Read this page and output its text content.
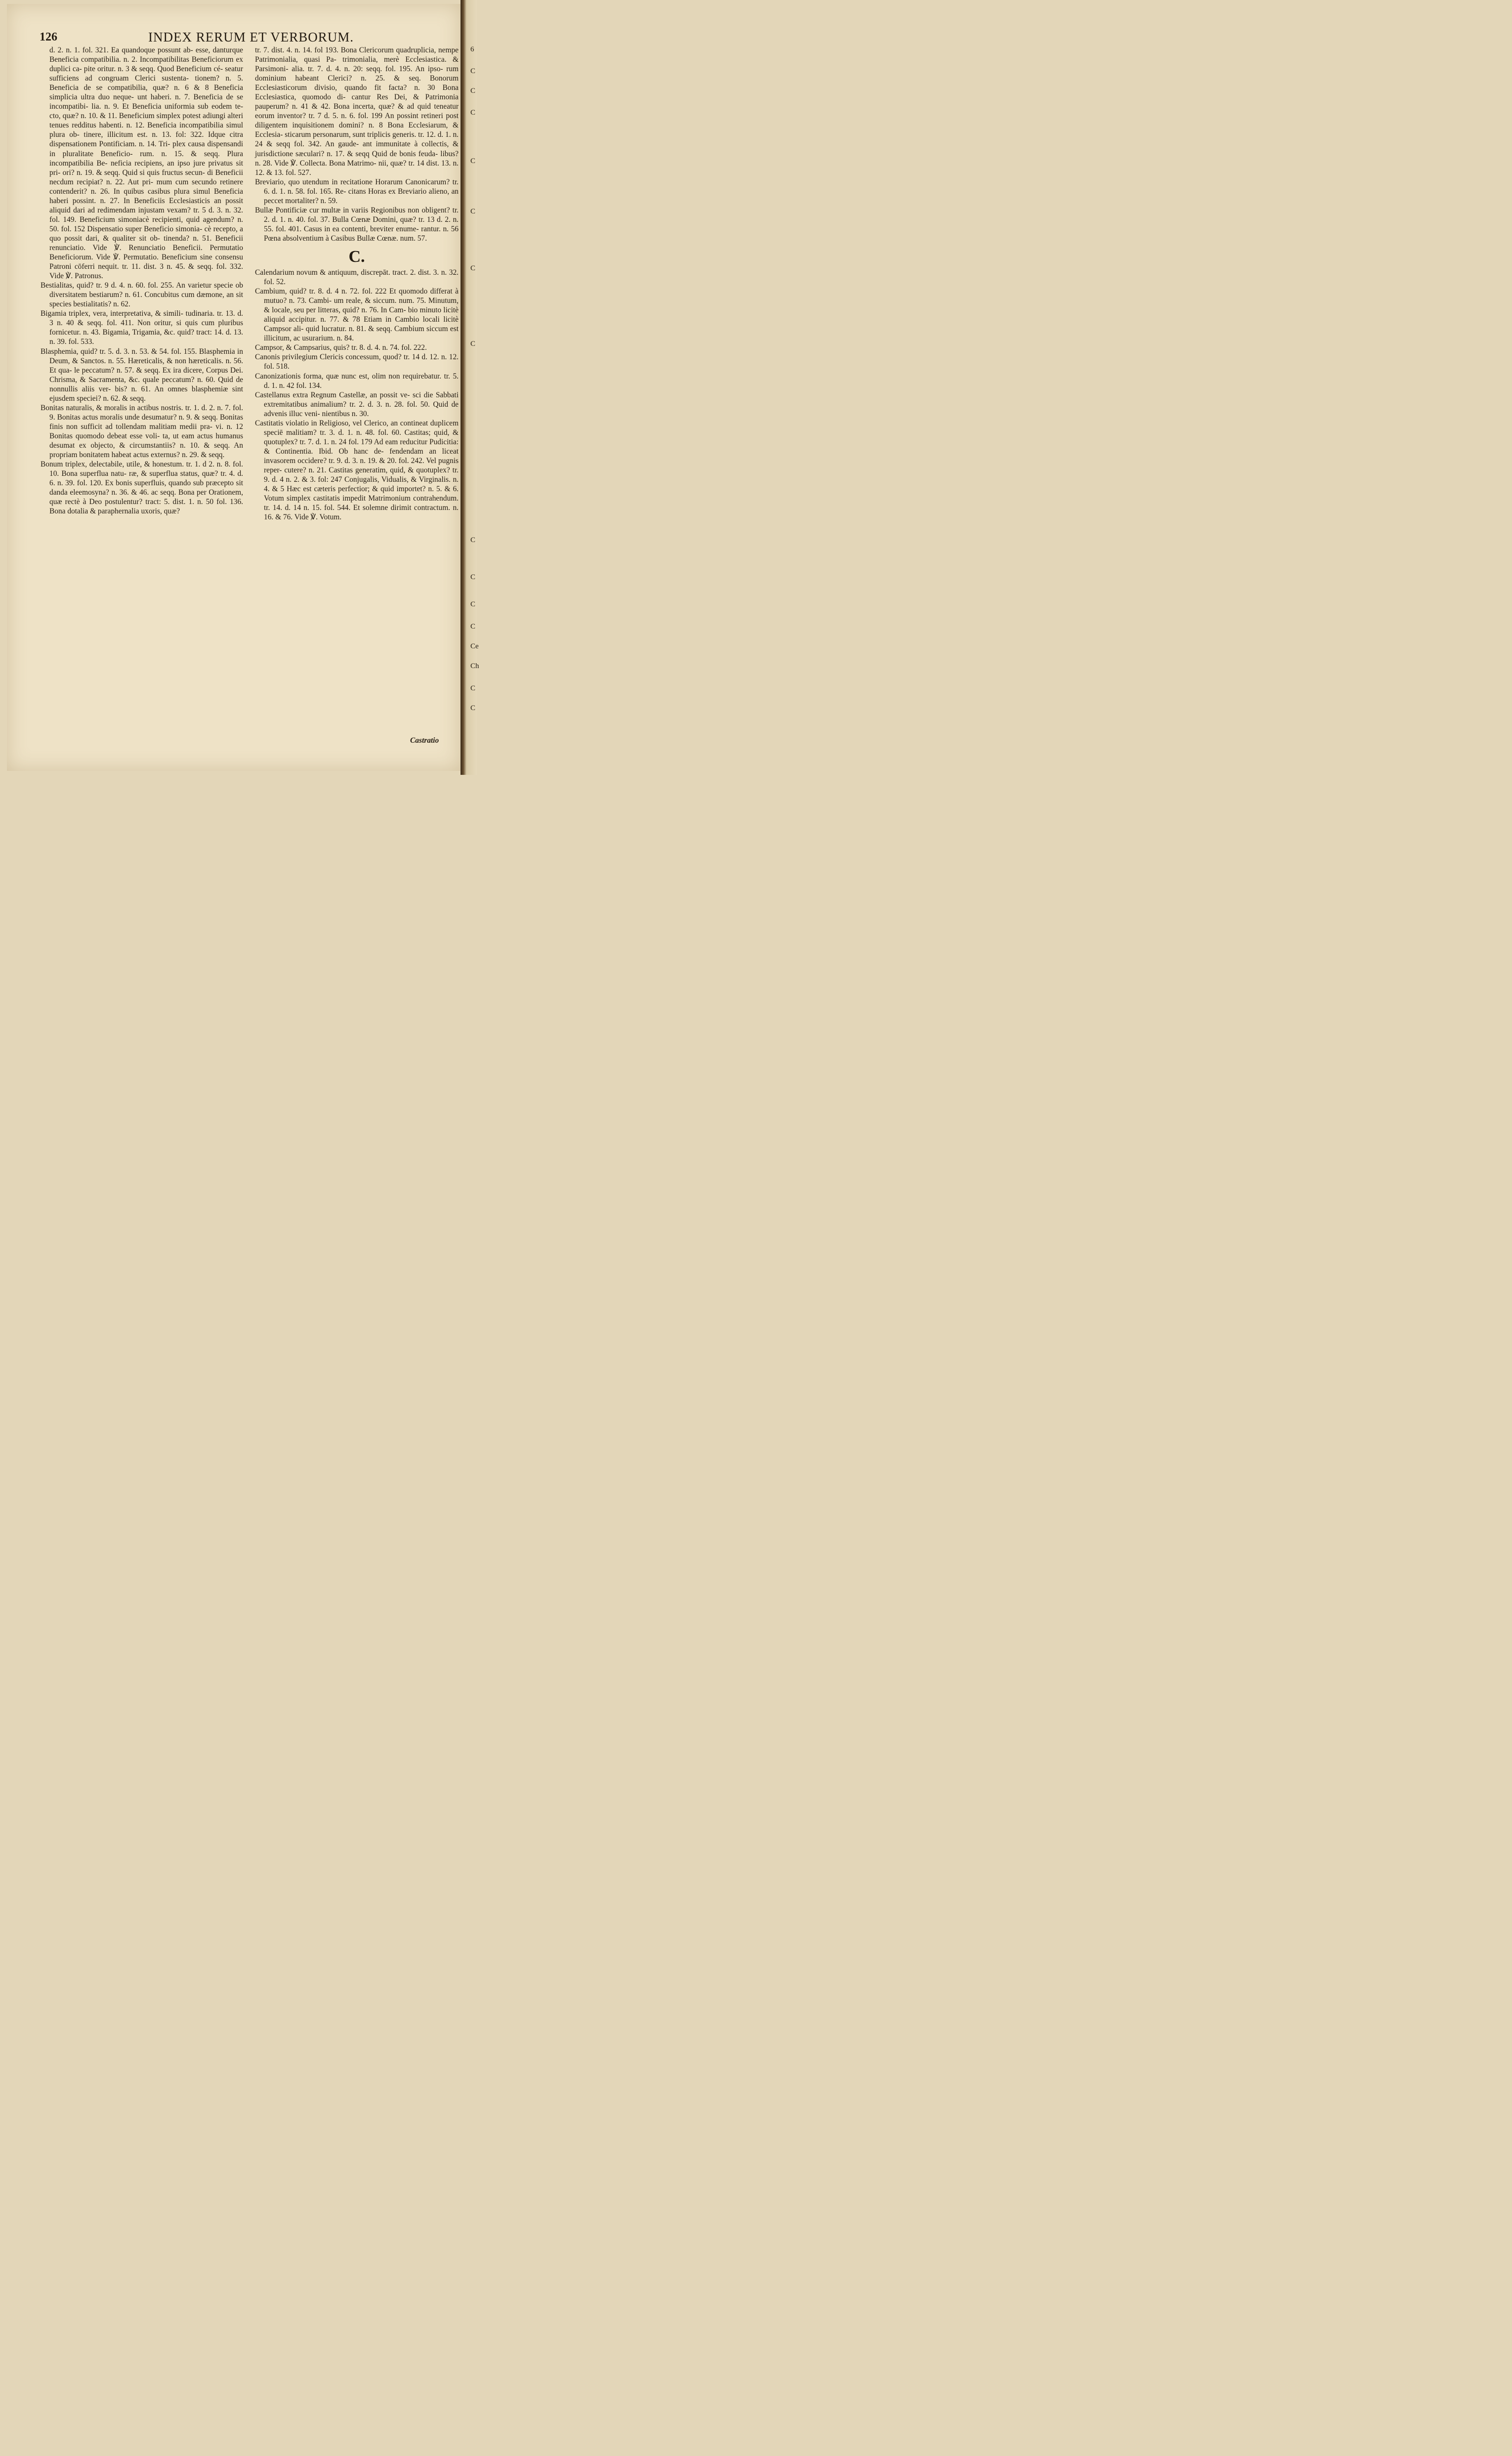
6
C
C
C
C
C
C
C
C
C
C
C
Ce
Ch
C
C
126	INDEX RERUM ET VERBORUM.

d. 2. n. 1. fol. 321. Ea quandoque possunt ab- esse, danturque Beneficia compatibilia. n. 2. Incompatibilitas Beneficiorum ex duplici ca- pite oritur. n. 3 & seqq. Quod Beneficium cé- seatur sufficiens ad congruam Clerici sustenta- tionem? n. 5. Beneficia de se compatibilia, quæ? n. 6 & 8 Beneficia simplicia ultra duo neque- unt haberi. n. 7. Beneficia de se incompatibi- lia. n. 9. Et Beneficia uniformia sub eodem te- cto, quæ? n. 10. & 11. Beneficium simplex potest adiungi alteri tenues redditus habenti. n. 12. Beneficia incompatibilia simul plura ob- tinere, illicitum est. n. 13. fol: 322. Idque citra dispensationem Pontificiam. n. 14. Tri- plex causa dispensandi in pluralitate Beneficio- rum. n. 15. & seqq. Plura incompatibilia Be- neficia recipiens, an ipso jure privatus sit pri- ori? n. 19. & seqq. Quid si quis fructus secun- di Beneficii necdum recipiat? n. 22. Aut pri- mum cum secundo retinere contenderit? n. 26. In quibus casibus plura simul Beneficia haberi possint. n. 27. In Beneficiis Ecclesiasticis an possit aliquid dari ad redimendam injustam vexam? tr. 5 d. 3. n. 32. fol. 149. Beneficium simoniacè recipienti, quid agendum? n. 50. fol. 152 Dispensatio super Beneficio simonia- cè recepto, a quo possit dari, & qualiter sit ob- tinenda? n. 51. Beneficii renunciatio. Vide ℣. Renunciatio Beneficii. Permutatio Beneficiorum. Vide ℣. Permutatio. Beneficium sine consensu Patroni cōferri nequit. tr. 11. dist. 3 n. 45. & seqq. fol. 332. Vide ℣. Patronus.

Bestialitas, quid? tr. 9 d. 4. n. 60. fol. 255. An varietur specie ob diversitatem bestiarum? n. 61. Concubitus cum dæmone, an sit species bestialitatis? n. 62.

Bigamia triplex, vera, interpretativa, & simili- tudinaria. tr. 13. d. 3 n. 40 & seqq. fol. 411. Non oritur, si quis cum pluribus fornicetur. n. 43. Bigamia, Trigamia, &c. quid? tract: 14. d. 13. n. 39. fol. 533.

Blasphemia, quid? tr. 5. d. 3. n. 53. & 54. fol. 155. Blasphemia in Deum, & Sanctos. n. 55. Hæreticalis, & non hæreticalis. n. 56. Et qua- le peccatum? n. 57. & seqq. Ex ira dicere, Corpus Dei. Chrisma, & Sacramenta, &c. quale peccatum? n. 60. Quid de nonnullis aliis ver- bis? n. 61. An omnes blasphemiæ sint ejusdem speciei? n. 62. & seqq.

Bonitas naturalis, & moralis in actibus nostris. tr. 1. d. 2. n. 7. fol. 9. Bonitas actus moralis unde desumatur? n. 9. & seqq. Bonitas finis non sufficit ad tollendam malitiam medii pra- vi. n. 12 Bonitas quomodo debeat esse voli- ta, ut eam actus humanus desumat ex objecto, & circumstantiis? n. 10. & seqq. An propriam bonitatem habeat actus externus? n. 29. & seqq.

Bonum triplex, delectabile, utile, & honestum. tr. 1. d 2. n. 8. fol. 10. Bona superflua natu- ræ, & superflua status, quæ? tr. 4. d. 6. n. 39. fol. 120. Ex bonis superfluis, quando sub præcepto sit danda eleemosyna? n. 36. & 46. ac seqq. Bona per Orationem, quæ rectè à Deo postulentur? tract: 5. dist. 1. n. 50 fol. 136. Bona dotalia & paraphernalia uxoris, quæ?

tr. 7. dist. 4. n. 14. fol 193. Bona Clericorum quadruplicia, nempe Patrimonialia, quasi Pa- trimonialia, merè Ecclesiastica. & Parsimoni- alia. tr. 7. d. 4. n. 20: seqq. fol. 195. An ipso- rum dominium habeant Clerici? n. 25. & seq. Bonorum Ecclesiasticorum divisio, quando fit facta? n. 30 Bona Ecclesiastica, quomodo di- cantur Res Dei, & Patrimonia pauperum? n. 41 & 42. Bona incerta, quæ? & ad quid teneatur eorum inventor? tr. 7 d. 5. n. 6. fol. 199 An possint retineri post diligentem inquisitionem domini? n. 8 Bona Ecclesiarum, & Ecclesia- sticarum personarum, sunt triplicis generis. tr. 12. d. 1. n. 24 & seqq fol. 342. An gaude- ant immunitate à collectis, & jurisdictione sæculari? n. 17. & seqq Quid de bonis feuda- libus? n. 28. Vide ℣. Collecta. Bona Matrimo- nii, quæ? tr. 14 dist. 13. n. 12. & 13. fol. 527.

Breviario, quo utendum in recitatione Horarum Canonicarum? tr. 6. d. 1. n. 58. fol. 165. Re- citans Horas ex Breviario alieno, an peccet mortaliter? n. 59.

Bullæ Pontificiæ cur multæ in variis Regionibus non obligent? tr. 2. d. 1. n. 40. fol. 37. Bulla Cœnæ Domini, quæ? tr. 13 d. 2. n. 55. fol. 401. Casus in ea contenti, breviter enume- rantur. n. 56 Pœna absolventium à Casibus Bullæ Cœnæ. num. 57.

C.

Calendarium novum & antiquum, discrepāt. tract. 2. dist. 3. n. 32. fol. 52.

Cambium, quid? tr. 8. d. 4 n. 72. fol. 222 Et quomodo differat à mutuo? n. 73. Cambi- um reale, & siccum. num. 75. Minutum, & locale, seu per litteras, quid? n. 76. In Cam- bio minuto licitè aliquid accipitur. n. 77. & 78 Etiam in Cambio locali licitè Campsor ali- quid lucratur. n. 81. & seqq. Cambium siccum est illicitum, ac usurarium. n. 84.

Campsor, & Campsarius, quis? tr. 8. d. 4. n. 74. fol. 222.

Canonis privilegium Clericis concessum, quod? tr. 14 d. 12. n. 12. fol. 518.

Canonizationis forma, quæ nunc est, olim non requirebatur. tr. 5. d. 1. n. 42 fol. 134.

Castellanus extra Regnum Castellæ, an possit ve- sci die Sabbati extremitatibus animalium? tr. 2. d. 3. n. 28. fol. 50. Quid de advenis illuc veni- nientibus n. 30.

Castitatis violatio in Religioso, vel Clerico, an contineat duplicem speciē malitiam? tr. 3. d. 1. n. 48. fol. 60. Castitas; quid, & quotuplex? tr. 7. d. 1. n. 24 fol. 179 Ad eam reducitur Pudicitia: & Continentia. Ibid. Ob hanc de- fendendam an liceat invasorem occidere? tr. 9. d. 3. n. 19. & 20. fol. 242. Vel pugnis reper- cutere? n. 21. Castitas generatim, quid, & quotuplex? tr. 9. d. 4 n. 2. & 3. fol: 247 Conjugalis, Vidualis, & Virginalis. n. 4. & 5 Hæc est cæteris perfectior; & quid importet? n. 5. & 6. Votum simplex castitatis impedit Matrimonium contrahendum. tr. 14. d. 14 n. 15. fol. 544. Et solemne dirimit contractum. n. 16. & 76. Vide ℣. Votum.

Castratio
